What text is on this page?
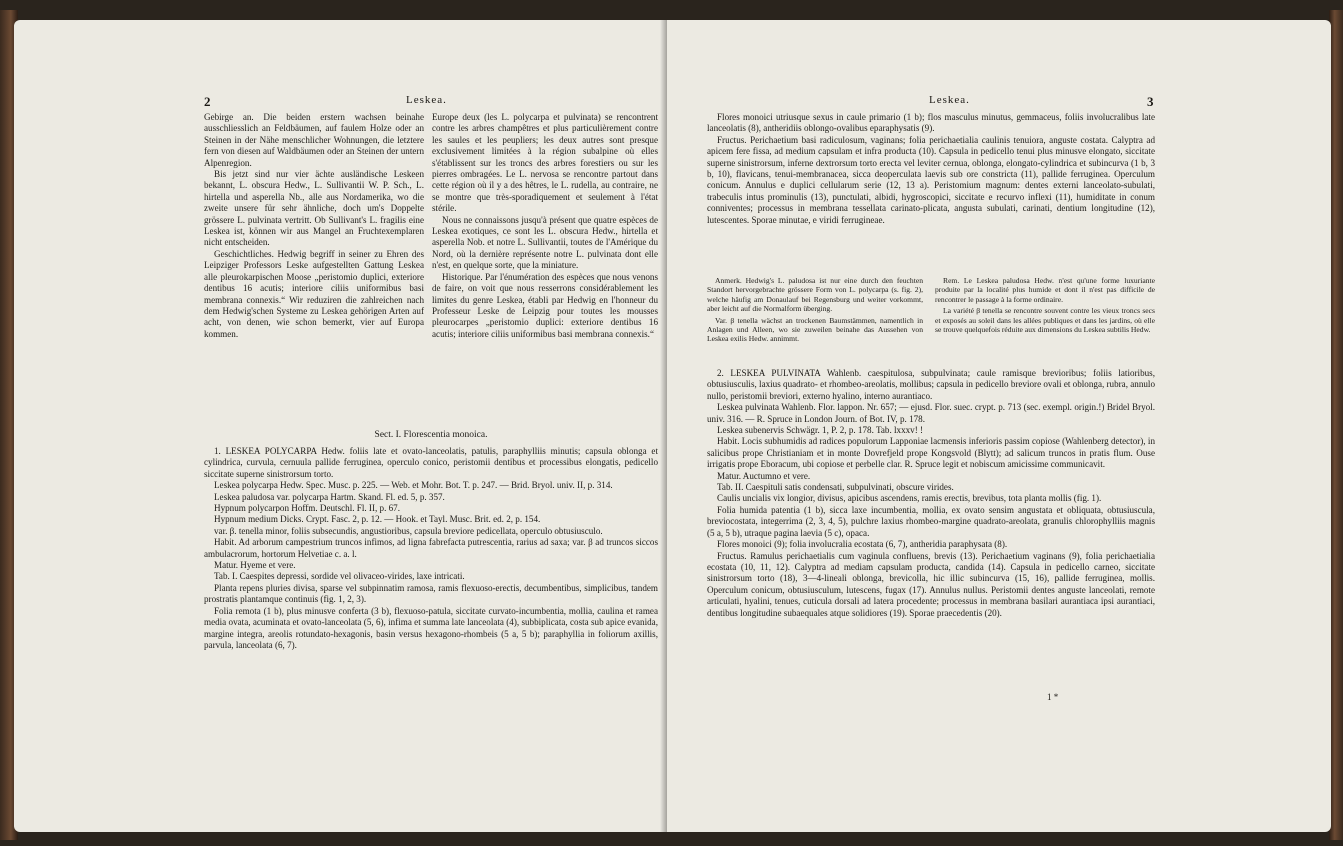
2	Leskea.

Gebirge an. Die beiden erstern wachsen beinahe ausschliesslich an Feldbäumen, auf faulem Holze oder an Steinen in der Nähe menschlicher Wohnungen, die letztere fern von diesen auf Waldbäumen oder an Steinen der untern Alpenregion.

Bis jetzt sind nur vier ächte ausländische Leskeen bekannt, L. obscura Hedw., L. Sullivantii W. P. Sch., L. hirtella und asperella Nb., alle aus Nordamerika, wo die zweite unsere für sehr ähnliche, doch um's Doppelte grössere L. pulvinata vertritt. Ob Sullivant's L. fragilis eine Leskea ist, können wir aus Mangel an Fruchtexemplaren nicht entscheiden.

Geschichtliches. Hedwig begriff in seiner zu Ehren des Leipziger Professors Leske aufgestellten Gattung Leskea alle pleurokarpischen Moose „peristomio duplici, exteriore dentibus 16 acutis; interiore ciliis uniformibus basi membrana connexis.“ Wir reduziren die zahlreichen nach dem Hedwig'schen Systeme zu Leskea gehörigen Arten auf acht, von denen, wie schon bemerkt, vier auf Europa kommen.

Europe deux (les L. polycarpa et pulvinata) se rencontrent contre les arbres champêtres et plus particulièrement contre les saules et les peupliers; les deux autres sont presque exclusivement limitées à la région subalpine où elles s'établissent sur les troncs des arbres forestiers ou sur les pierres ombragées. Le L. nervosa se rencontre partout dans cette région où il y a des hêtres, le L. rudella, au contraire, ne se montre que très-sporadiquement et seulement à l'état stérile.

Nous ne connaissons jusqu'à présent que quatre espèces de Leskea exotiques, ce sont les L. obscura Hedw., hirtella et asperella Nob. et notre L. Sullivantii, toutes de l'Amérique du Nord, où la dernière représente notre L. pulvinata dont elle n'est, en quelque sorte, que la miniature.

Historique. Par l'énumération des espèces que nous venons de faire, on voit que nous resserrons considérablement les limites du genre Leskea, établi par Hedwig en l'honneur du Professeur Leske de Leipzig pour toutes les mousses pleurocarpes „peristomio duplici: exteriore dentibus 16 acutis; interiore ciliis uniformibus basi membrana connexis.“

Sect. I. Florescentia monoica.

1. LESKEA POLYCARPA Hedw. foliis late et ovato-lanceolatis, patulis, paraphylliis minutis; capsula oblonga et cylindrica, curvula, cernuula pallide ferruginea, operculo conico, peristomii dentibus et processibus elongatis, pedicello siccitate superne sinistrorsum torto.

Leskea polycarpa Hedw. Spec. Musc. p. 225. — Web. et Mohr. Bot. T. p. 247. — Brid. Bryol. univ. II, p. 314.

Leskea paludosa var. polycarpa Hartm. Skand. Fl. ed. 5, p. 357.

Hypnum polycarpon Hoffm. Deutschl. Fl. II, p. 67.

Hypnum medium Dicks. Crypt. Fasc. 2, p. 12. — Hook. et Tayl. Musc. Brit. ed. 2, p. 154.

var. β. tenella minor, foliis subsecundis, angustioribus, capsula breviore pedicellata, operculo obtusiusculo.

Habit. Ad arborum campestrium truncos infimos, ad ligna fabrefacta putrescentia, rarius ad saxa; var. β ad truncos siccos ambulacrorum, hortorum Helvetiae c. a. l.

Matur. Hyeme et vere.

Tab. I. Caespites depressi, sordide vel olivaceo-virides, laxe intricati.

Planta repens pluries divisa, sparse vel subpinnatim ramosa, ramis flexuoso-erectis, decumbentibus, simplicibus, tandem prostratis plantamque continuis (fig. 1, 2, 3).

Folia remota (1 b), plus minusve conferta (3 b), flexuoso-patula, siccitate curvato-incumbentia, mollia, caulina et ramea media ovata, acuminata et ovato-lanceolata (5, 6), infima et summa late lanceolata (4), subbiplicata, costa sub apice evanida, margine integra, areolis rotundato-hexagonis, basin versus hexagono-rhombeis (5 a, 5 b); paraphyllia in foliorum axillis, parvula, lanceolata (6, 7).

Leskea.	3

Flores monoici utriusque sexus in caule primario (1 b); flos masculus minutus, gemmaceus, foliis involucralibus late lanceolatis (8), antheridiis oblongo-ovalibus eparaphysatis (9).

Fructus. Perichaetium basi radiculosum, vaginans; folia perichaetialia caulinis tenuiora, anguste costata. Calyptra ad apicem fere fissa, ad medium capsulam et infra producta (10). Capsula in pedicello tenui plus minusve elongato, siccitate superne sinistrorsum, inferne dextrorsum torto erecta vel leviter cernua, oblonga, elongato-cylindrica et subincurva (1 b, 3 b, 10), flavicans, tenui-membranacea, sicca deoperculata laevis sub ore constricta (11), pallide ferruginea. Operculum conicum. Annulus e duplici cellularum serie (12, 13 a). Peristomium magnum: dentes externi lanceolato-subulati, trabeculis intus prominulis (13), punctulati, albidi, hygroscopici, siccitate e recurvo inflexi (11), humiditate in conum conniventes; processus in membrana tessellata carinato-plicata, angusta subulati, carinati, dentium longitudine (12), lutescentes. Sporae minutae, e viridi ferrugineae.

Anmerk. Hedwig's L. paludosa ist nur eine durch den feuchten Standort hervorgebrachte grössere Form von L. polycarpa (s. fig. 2), welche häufig am Donaulauf bei Regensburg und weiter vorkommt, aber leicht auf die Normalform überging.

Var. β tenella wächst an trockenen Baumstämmen, namentlich in Anlagen und Alleen, wo sie zuweilen beinahe das Aussehen von Leskea exilis Hedw. annimmt.

Rem. Le Leskea paludosa Hedw. n'est qu'une forme luxuriante produite par la localité plus humide et dont il n'est pas difficile de rencontrer le passage à la forme ordinaire.

La variété β tenella se rencontre souvent contre les vieux troncs secs et exposés au soleil dans les allées publiques et dans les jardins, où elle se trouve quelquefois réduite aux dimensions du Leskea subtilis Hedw.

2. LESKEA PULVINATA Wahlenb. caespitulosa, subpulvinata; caule ramisque brevioribus; foliis latioribus, obtusiusculis, laxius quadrato- et rhombeo-areolatis, mollibus; capsula in pedicello breviore ovali et oblonga, rubra, annulo nullo, peristomii breviori, externo hyalino, interno aurantiaco.

Leskea pulvinata Wahlenb. Flor. lappon. Nr. 657; — ejusd. Flor. suec. crypt. p. 713 (sec. exempl. origin.!) Bridel Bryol. univ. 316. — R. Spruce in London Journ. of Bot. IV, p. 178.

Leskea subenervis Schwägr. 1, P. 2, p. 178. Tab. lxxxv! !

Habit. Locis subhumidis ad radices populorum Lapponiae lacmensis inferioris passim copiose (Wahlenberg detector), in salicibus prope Christianiam et in monte Dovrefjeld prope Kongsvold (Blytt); ad salicum truncos in pratis flum. Ouse irrigatis prope Eboracum, ubi copiose et perbelle clar. R. Spruce legit et nobiscum amicissime communicavit.

Matur. Auctumno et vere.

Tab. II. Caespituli satis condensati, subpulvinati, obscure virides.

Caulis uncialis vix longior, divisus, apicibus ascendens, ramis erectis, brevibus, tota planta mollis (fig. 1).

Folia humida patentia (1 b), sicca laxe incumbentia, mollia, ex ovato sensim angustata et obliquata, obtusiuscula, breviocostata, integerrima (2, 3, 4, 5), pulchre laxius rhombeo-margine quadrato-areolata, granulis chlorophylliis magnis (5 a, 5 b), utraque pagina laevia (5 c), opaca.

Flores monoici (9); folia involucralia ecostata (6, 7), antheridia paraphysata (8).

Fructus. Ramulus perichaetialis cum vaginula confluens, brevis (13). Perichaetium vaginans (9), folia perichaetialia ecostata (10, 11, 12). Calyptra ad mediam capsulam producta, candida (14). Capsula in pedicello carneo, siccitate sinistrorsum torto (18), 3—4-lineali oblonga, brevicolla, hic illic subincurva (15, 16), pallide ferruginea, mollis. Operculum conicum, obtusiusculum, lutescens, fugax (17). Annulus nullus. Peristomii dentes anguste lanceolati, remote articulati, hyalini, tenues, cuticula dorsali ad latera procedente; processus in membrana basilari aurantiaca ipsi aurantiaci, dentibus longitudine subaequales atque solidiores (19). Sporae praecedentis (20).

1 *
